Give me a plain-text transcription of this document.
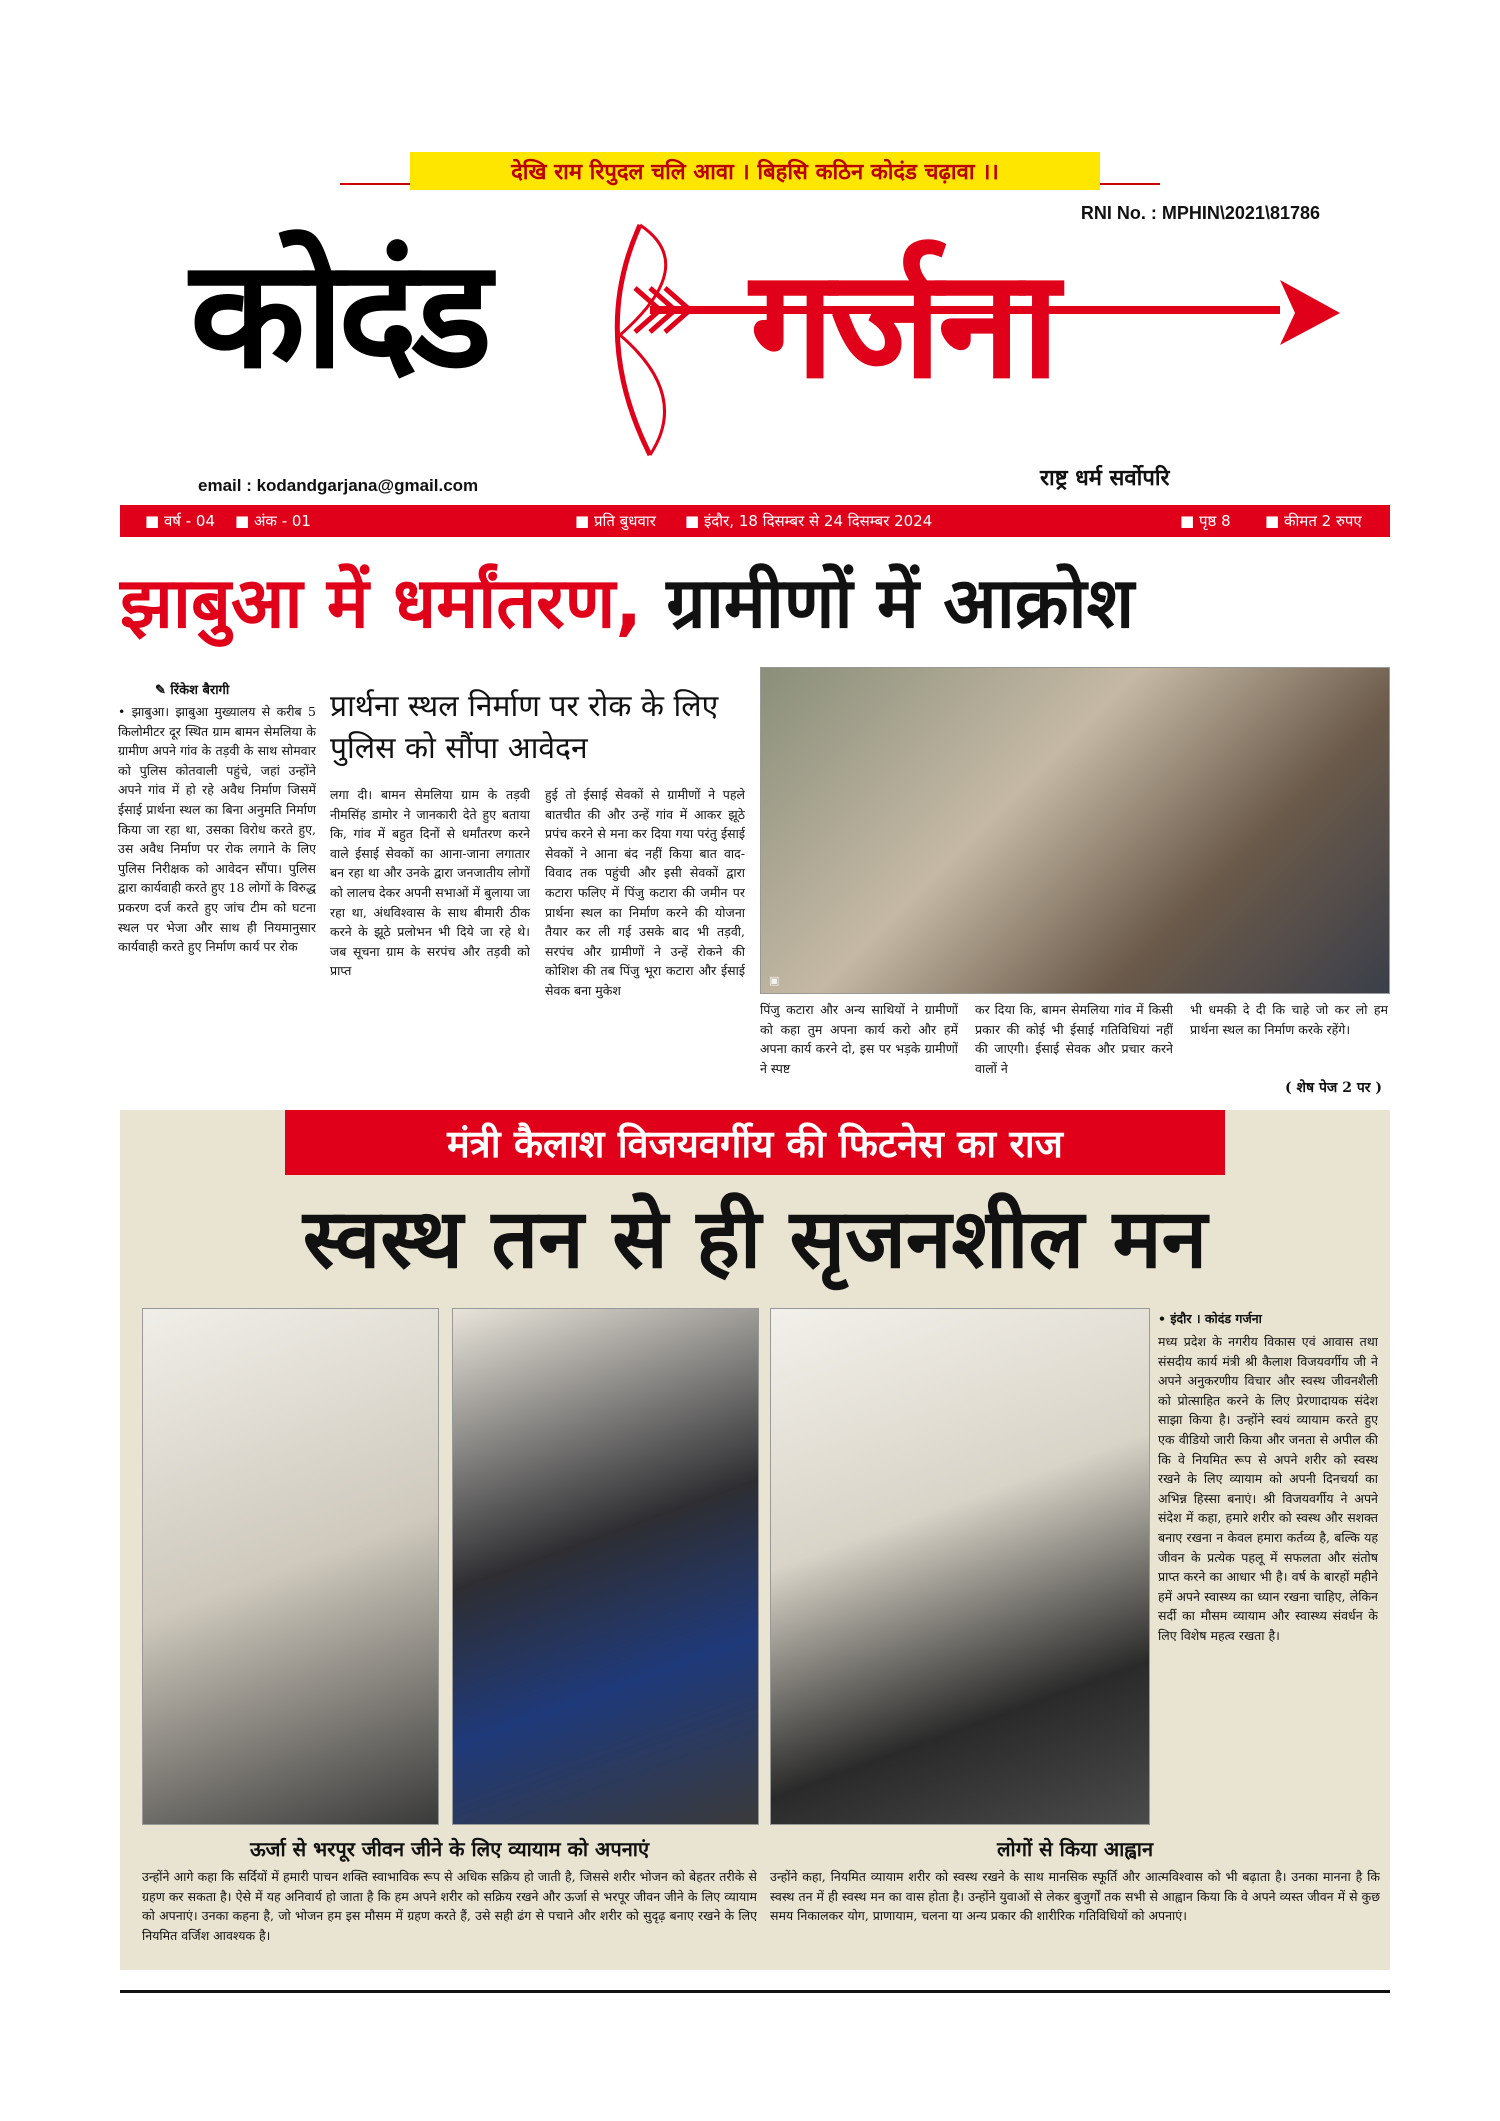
देखि राम रिपुदल चलि आवा । बिहसि कठिन कोदंड चढ़ावा ।।
RNI No. : MPHIN\2021\81786
कोदंड गर्जना
email : kodandgarjana@gmail.com	राष्ट्र धर्म सर्वोपरि
■ वर्ष - 04 ■ अंक - 01	■ प्रति बुधवार ■ इंदौर, 18 दिसम्बर से 24 दिसम्बर 2024	■ पृष्ठ 8 ■ कीमत 2 रुपए
झाबुआ में धर्मांतरण, ग्रामीणों में आक्रोश
✎ रिंकेश बैरागी
• झाबुआ। झाबुआ मुख्यालय से करीब 5 किलोमीटर दूर स्थित ग्राम बामन सेमलिया के ग्रामीण अपने गांव के तड़वी के साथ सोमवार को पुलिस कोतवाली पहुंचे, जहां उन्होंने अपने गांव में हो रहे अवैध निर्माण जिसमें ईसाई प्रार्थना स्थल का बिना अनुमति निर्माण किया जा रहा था, उसका विरोध करते हुए, उस अवैध निर्माण पर रोक लगाने के लिए पुलिस निरीक्षक को आवेदन सौंपा। पुलिस द्वारा कार्यवाही करते हुए 18 लोगों के विरुद्ध प्रकरण दर्ज करते हुए जांच टीम को घटना स्थल पर भेजा और साथ ही नियमानुसार कार्यवाही करते हुए निर्माण कार्य पर रोक
प्रार्थना स्थल निर्माण पर रोक के लिए पुलिस को सौंपा आवेदन
लगा दी। बामन सेमलिया ग्राम के तड़वी नीमसिंह डामोर ने जानकारी देते हुए बताया कि, गांव में बहुत दिनों से धर्मांतरण करने वाले ईसाई सेवकों का आना-जाना लगातार बन रहा था और उनके द्वारा जनजातीय लोगों को लालच देकर अपनी सभाओं में बुलाया जा रहा था, अंधविश्वास के साथ बीमारी ठीक करने के झूठे प्रलोभन भी दिये जा रहे थे। जब सूचना ग्राम के सरपंच और तड़वी को प्राप्त
हुई तो ईसाई सेवकों से ग्रामीणों ने पहले बातचीत की और उन्हें गांव में आकर झूठे प्रपंच करने से मना कर दिया गया परंतु ईसाई सेवकों ने आना बंद नहीं किया बात वाद-विवाद तक पहुंची और इसी सेवकों द्वारा कटारा फलिए में पिंजु कटारा की जमीन पर प्रार्थना स्थल का निर्माण करने की योजना तैयार कर ली गई उसके बाद भी तड़वी, सरपंच और ग्रामीणों ने उन्हें रोकने की कोशिश की तब पिंजु भूरा कटारा और ईसाई सेवक बना मुकेश
▣
पिंजु कटारा और अन्य साथियों ने ग्रामीणों को कहा तुम अपना कार्य करो और हमें अपना कार्य करने दो, इस पर भड़के ग्रामीणों ने स्पष्ट
कर दिया कि, बामन सेमलिया गांव में किसी प्रकार की कोई भी ईसाई गतिविधियां नहीं की जाएगी। ईसाई सेवक और प्रचार करने वालों ने
भी धमकी दे दी कि चाहे जो कर लो हम प्रार्थना स्थल का निर्माण करके रहेंगे।
( शेष पेज 2 पर )
मंत्री कैलाश विजयवर्गीय की फिटनेस का राज
स्वस्थ तन से ही सृजनशील मन
• इंदौर । कोदंड गर्जना
मध्य प्रदेश के नगरीय विकास एवं आवास तथा संसदीय कार्य मंत्री श्री कैलाश विजयवर्गीय जी ने अपने अनुकरणीय विचार और स्वस्थ जीवनशैली को प्रोत्साहित करने के लिए प्रेरणादायक संदेश साझा किया है। उन्होंने स्वयं व्यायाम करते हुए एक वीडियो जारी किया और जनता से अपील की कि वे नियमित रूप से अपने शरीर को स्वस्थ रखने के लिए व्यायाम को अपनी दिनचर्या का अभिन्न हिस्सा बनाएं। श्री विजयवर्गीय ने अपने संदेश में कहा, हमारे शरीर को स्वस्थ और सशक्त बनाए रखना न केवल हमारा कर्तव्य है, बल्कि यह जीवन के प्रत्येक पहलू में सफलता और संतोष प्राप्त करने का आधार भी है। वर्ष के बारहों महीने हमें अपने स्वास्थ्य का ध्यान रखना चाहिए, लेकिन सर्दी का मौसम व्यायाम और स्वास्थ्य संवर्धन के लिए विशेष महत्व रखता है।
ऊर्जा से भरपूर जीवन जीने के लिए व्यायाम को अपनाएं
उन्होंने आगे कहा कि सर्दियों में हमारी पाचन शक्ति स्वाभाविक रूप से अधिक सक्रिय हो जाती है, जिससे शरीर भोजन को बेहतर तरीके से ग्रहण कर सकता है। ऐसे में यह अनिवार्य हो जाता है कि हम अपने शरीर को सक्रिय रखने और ऊर्जा से भरपूर जीवन जीने के लिए व्यायाम को अपनाएं। उनका कहना है, जो भोजन हम इस मौसम में ग्रहण करते हैं, उसे सही ढंग से पचाने और शरीर को सुदृढ़ बनाए रखने के लिए नियमित वर्जिश आवश्यक है।
लोगों से किया आह्वान
उन्होंने कहा, नियमित व्यायाम शरीर को स्वस्थ रखने के साथ मानसिक स्फूर्ति और आत्मविश्वास को भी बढ़ाता है। उनका मानना है कि स्वस्थ तन में ही स्वस्थ मन का वास होता है। उन्होंने युवाओं से लेकर बुजुर्गों तक सभी से आह्वान किया कि वे अपने व्यस्त जीवन में से कुछ समय निकालकर योग, प्राणायाम, चलना या अन्य प्रकार की शारीरिक गतिविधियों को अपनाएं।
